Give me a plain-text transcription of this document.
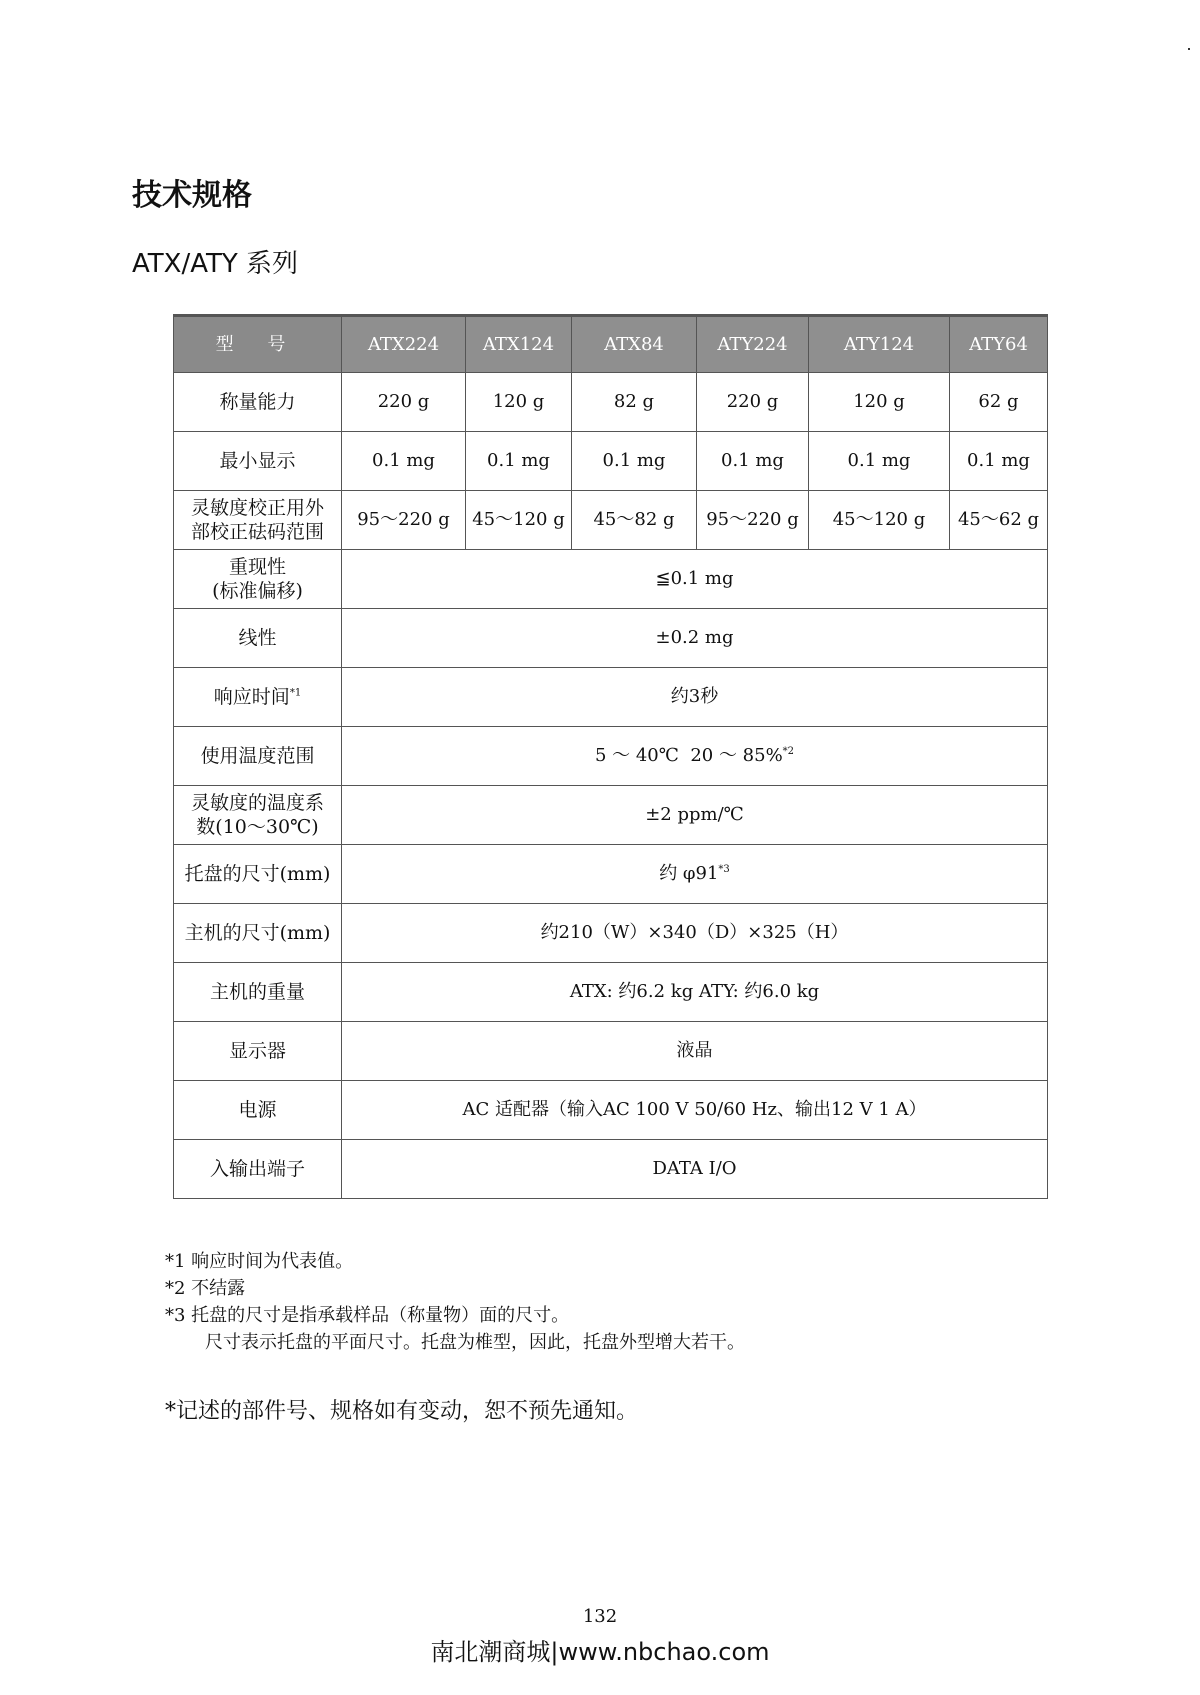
技术规格
ATX/ATY 系列
型 号	ATX224	ATX124	ATX84	ATY224	ATY124	ATY64
称量能力	220 g	120 g	82 g	220 g	120 g	62 g
最小显示	0.1 mg	0.1 mg	0.1 mg	0.1 mg	0.1 mg	0.1 mg
灵敏度校正用外
部校正砝码范围	95～220 g	45～120 g	45～82 g	95～220 g	45～120 g	45～62 g
重现性
(标准偏移)	≦0.1 mg					
线性	±0.2 mg					
响应时间$^{*1}$	约3秒					
使用温度范围	5 ～ 40℃  20 ～ 85%$^{*2}$
灵敏度的温度系
数(10～30℃)	±2 ppm/℃					
托盘的尺寸(mm)	约 φ91$^{*3}$
主机的尺寸(mm)	约210（W）×340（D）×325（H）					
主机的重量	ATX: 约6.2 kg ATY: 约6.0 kg					
显示器	液晶					
电源	AC 适配器（输入AC 100 V 50/60 Hz、输出12 V 1 A）					
入输出端子	DATA I/O					
*1 响应时间为代表值。
*2 不结露
*3 托盘的尺寸是指承载样品（称量物）面的尺寸。
尺寸表示托盘的平面尺寸。托盘为椎型，因此，托盘外型增大若干。
*记述的部件号、规格如有变动，恕不预先通知。
132
南北潮商城|www.nbchao.com
